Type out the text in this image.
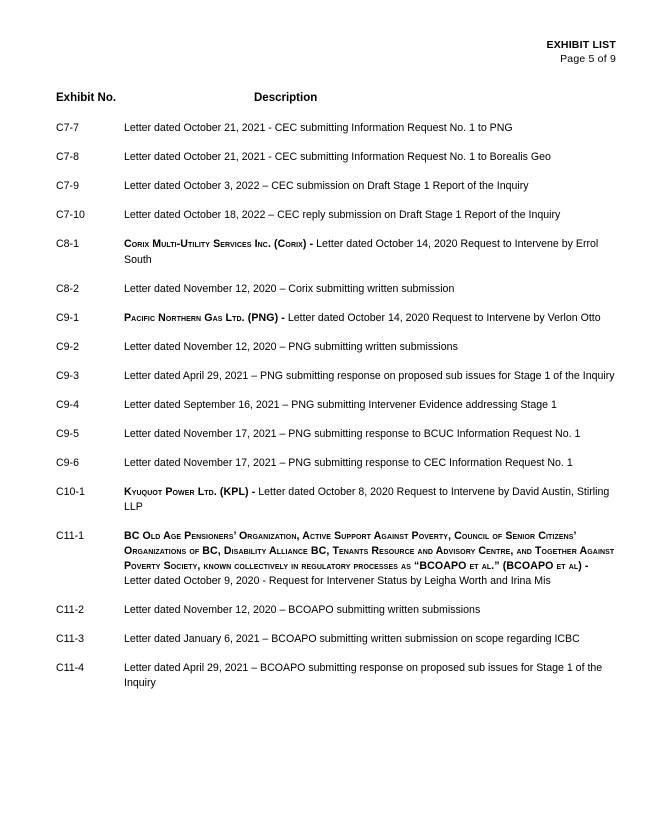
EXHIBIT LIST
Page 5 of 9
Exhibit No.	Description
C7-7	Letter dated October 21, 2021 - CEC submitting Information Request No. 1 to PNG
C7-8	Letter dated October 21, 2021 - CEC submitting Information Request No. 1 to Borealis Geo
C7-9	Letter dated October 3, 2022 – CEC submission on Draft Stage 1 Report of the Inquiry
C7-10	Letter dated October 18, 2022 – CEC reply submission on Draft Stage 1 Report of the Inquiry
C8-1	Corix Multi-Utility Services Inc. (Corix) - Letter dated October 14, 2020 Request to Intervene by Errol South
C8-2	Letter dated November 12, 2020 – Corix submitting written submission
C9-1	Pacific Northern Gas Ltd. (PNG) - Letter dated October 14, 2020 Request to Intervene by Verlon Otto
C9-2	Letter dated November 12, 2020 – PNG submitting written submissions
C9-3	Letter dated April 29, 2021 – PNG submitting response on proposed sub issues for Stage 1 of the Inquiry
C9-4	Letter dated September 16, 2021 – PNG submitting Intervener Evidence addressing Stage 1
C9-5	Letter dated November 17, 2021 – PNG submitting response to BCUC Information Request No. 1
C9-6	Letter dated November 17, 2021 – PNG submitting response to CEC Information Request No. 1
C10-1	Kyuquot Power Ltd. (KPL) - Letter dated October 8, 2020 Request to Intervene by David Austin, Stirling LLP
C11-1	BC Old Age Pensioners’ Organization, Active Support Against Poverty, Council of Senior Citizens’ Organizations of BC, Disability Alliance BC, Tenants Resource and Advisory Centre, and Together Against Poverty Society, known collectively in regulatory processes as “BCOAPO et al.” (BCOAPO et al) - Letter dated October 9, 2020 - Request for Intervener Status by Leigha Worth and Irina Mis
C11-2	Letter dated November 12, 2020 – BCOAPO submitting written submissions
C11-3	Letter dated January 6, 2021 – BCOAPO submitting written submission on scope regarding ICBC
C11-4	Letter dated April 29, 2021 – BCOAPO submitting response on proposed sub issues for Stage 1 of the Inquiry
